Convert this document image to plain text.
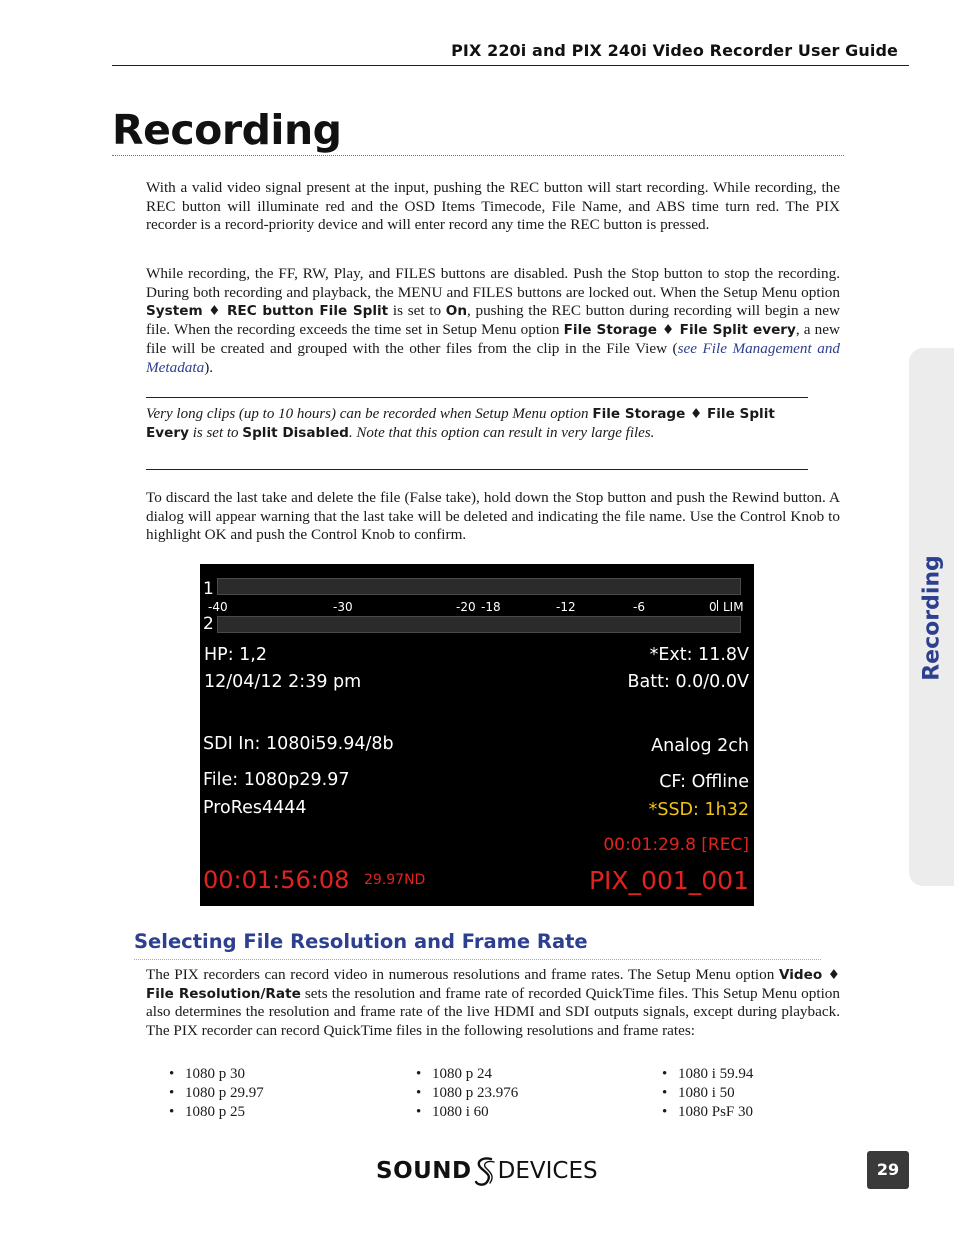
PIX 220i and PIX 240i Video Recorder User Guide
Recording

With a valid video signal present at the input, pushing the REC button will start recording. While recording, the REC button will illuminate red and the OSD Items Timecode, File Name, and ABS time turn red. The PIX recorder is a record-priority device and will enter record any time the REC button is pressed.

While recording, the FF, RW, Play, and FILES buttons are disabled. Push the Stop button to stop the recording. During both recording and playback, the MENU and FILES buttons are locked out. When the Setup Menu option System ♦ REC button File Split is set to On, pushing the REC button during recording will begin a new file. When the recording exceeds the time set in Setup Menu option File Storage ♦ File Split every, a new file will be created and grouped with the other files from the clip in the File View (see File Management and Metadata).

Very long clips (up to 10 hours) can be recorded when Setup Menu option File Storage ♦ File Split Every is set to Split Disabled. Note that this option can result in very large files.

To discard the last take and delete the file (False take), hold down the Stop button and push the Rewind button. A dialog will appear warning that the last take will be deleted and indicating the file name. Use the Control Knob to highlight OK and push the Control Knob to confirm.

1
-40	-30	-20 -18	-12	-6	0 LIM
2
HP: 1,2
12/04/12 2:39 pm
*Ext: 11.8V
Batt: 0.0/0.0V
SDI In: 1080i59.94/8b	Analog 2ch
File: 1080p29.97	CF: Offline
ProRes4444	*SSD: 1h32
00:01:29.8 [REC]
00:01:56:08 29.97ND	PIX_001_001
Selecting File Resolution and Frame Rate

The PIX recorders can record video in numerous resolutions and frame rates. The Setup Menu option Video ♦ File Resolution/Rate sets the resolution and frame rate of recorded QuickTime files. This Setup Menu option also determines the resolution and frame rate of the live HDMI and SDI outputs signals, except during playback. The PIX recorder can record QuickTime files in the following resolutions and frame rates:

• 1080 p 30
• 1080 p 29.97
• 1080 p 25
• 1080 p 24
• 1080 p 23.976
• 1080 i 60
• 1080 i 59.94
• 1080 i 50
• 1080 PsF 30
Recording
SOUND DEVICES	29
